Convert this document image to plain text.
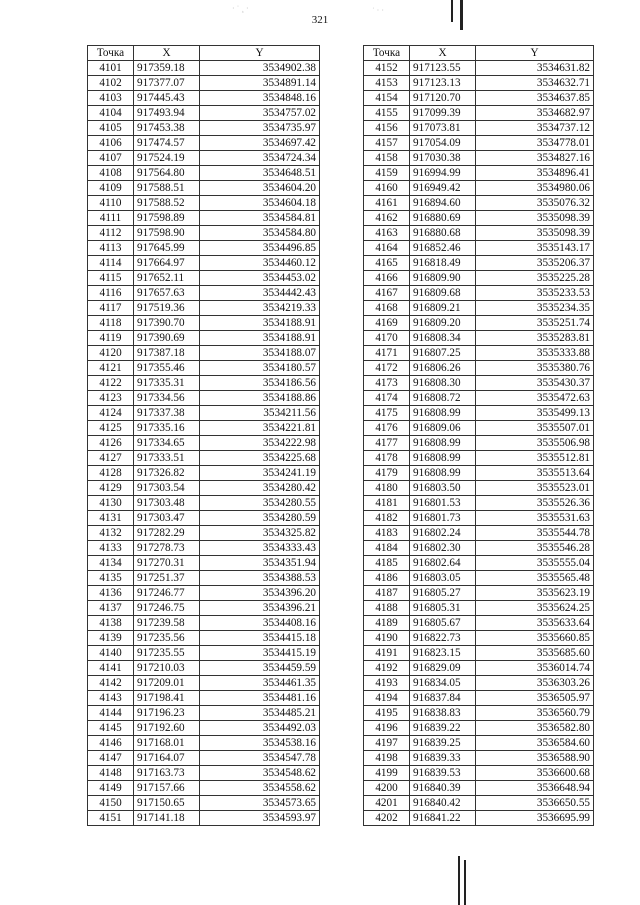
321
· ˙ ¸ ·	˙ · ·
Точка	X	Y
4101	917359.18	3534902.38
4102	917377.07	3534891.14
4103	917445.43	3534848.16
4104	917493.94	3534757.02
4105	917453.38	3534735.97
4106	917474.57	3534697.42
4107	917524.19	3534724.34
4108	917564.80	3534648.51
4109	917588.51	3534604.20
4110	917588.52	3534604.18
4111	917598.89	3534584.81
4112	917598.90	3534584.80
4113	917645.99	3534496.85
4114	917664.97	3534460.12
4115	917652.11	3534453.02
4116	917657.63	3534442.43
4117	917519.36	3534219.33
4118	917390.70	3534188.91
4119	917390.69	3534188.91
4120	917387.18	3534188.07
4121	917355.46	3534180.57
4122	917335.31	3534186.56
4123	917334.56	3534188.86
4124	917337.38	3534211.56
4125	917335.16	3534221.81
4126	917334.65	3534222.98
4127	917333.51	3534225.68
4128	917326.82	3534241.19
4129	917303.54	3534280.42
4130	917303.48	3534280.55
4131	917303.47	3534280.59
4132	917282.29	3534325.82
4133	917278.73	3534333.43
4134	917270.31	3534351.94
4135	917251.37	3534388.53
4136	917246.77	3534396.20
4137	917246.75	3534396.21
4138	917239.58	3534408.16
4139	917235.56	3534415.18
4140	917235.55	3534415.19
4141	917210.03	3534459.59
4142	917209.01	3534461.35
4143	917198.41	3534481.16
4144	917196.23	3534485.21
4145	917192.60	3534492.03
4146	917168.01	3534538.16
4147	917164.07	3534547.78
4148	917163.73	3534548.62
4149	917157.66	3534558.62
4150	917150.65	3534573.65
4151	917141.18	3534593.97
Точка	X	Y
4152	917123.55	3534631.82
4153	917123.13	3534632.71
4154	917120.70	3534637.85
4155	917099.39	3534682.97
4156	917073.81	3534737.12
4157	917054.09	3534778.01
4158	917030.38	3534827.16
4159	916994.99	3534896.41
4160	916949.42	3534980.06
4161	916894.60	3535076.32
4162	916880.69	3535098.39
4163	916880.68	3535098.39
4164	916852.46	3535143.17
4165	916818.49	3535206.37
4166	916809.90	3535225.28
4167	916809.68	3535233.53
4168	916809.21	3535234.35
4169	916809.20	3535251.74
4170	916808.34	3535283.81
4171	916807.25	3535333.88
4172	916806.26	3535380.76
4173	916808.30	3535430.37
4174	916808.72	3535472.63
4175	916808.99	3535499.13
4176	916809.06	3535507.01
4177	916808.99	3535506.98
4178	916808.99	3535512.81
4179	916808.99	3535513.64
4180	916803.50	3535523.01
4181	916801.53	3535526.36
4182	916801.73	3535531.63
4183	916802.24	3535544.78
4184	916802.30	3535546.28
4185	916802.64	3535555.04
4186	916803.05	3535565.48
4187	916805.27	3535623.19
4188	916805.31	3535624.25
4189	916805.67	3535633.64
4190	916822.73	3535660.85
4191	916823.15	3535685.60
4192	916829.09	3536014.74
4193	916834.05	3536303.26
4194	916837.84	3536505.97
4195	916838.83	3536560.79
4196	916839.22	3536582.80
4197	916839.25	3536584.60
4198	916839.33	3536588.90
4199	916839.53	3536600.68
4200	916840.39	3536648.94
4201	916840.42	3536650.55
4202	916841.22	3536695.99
